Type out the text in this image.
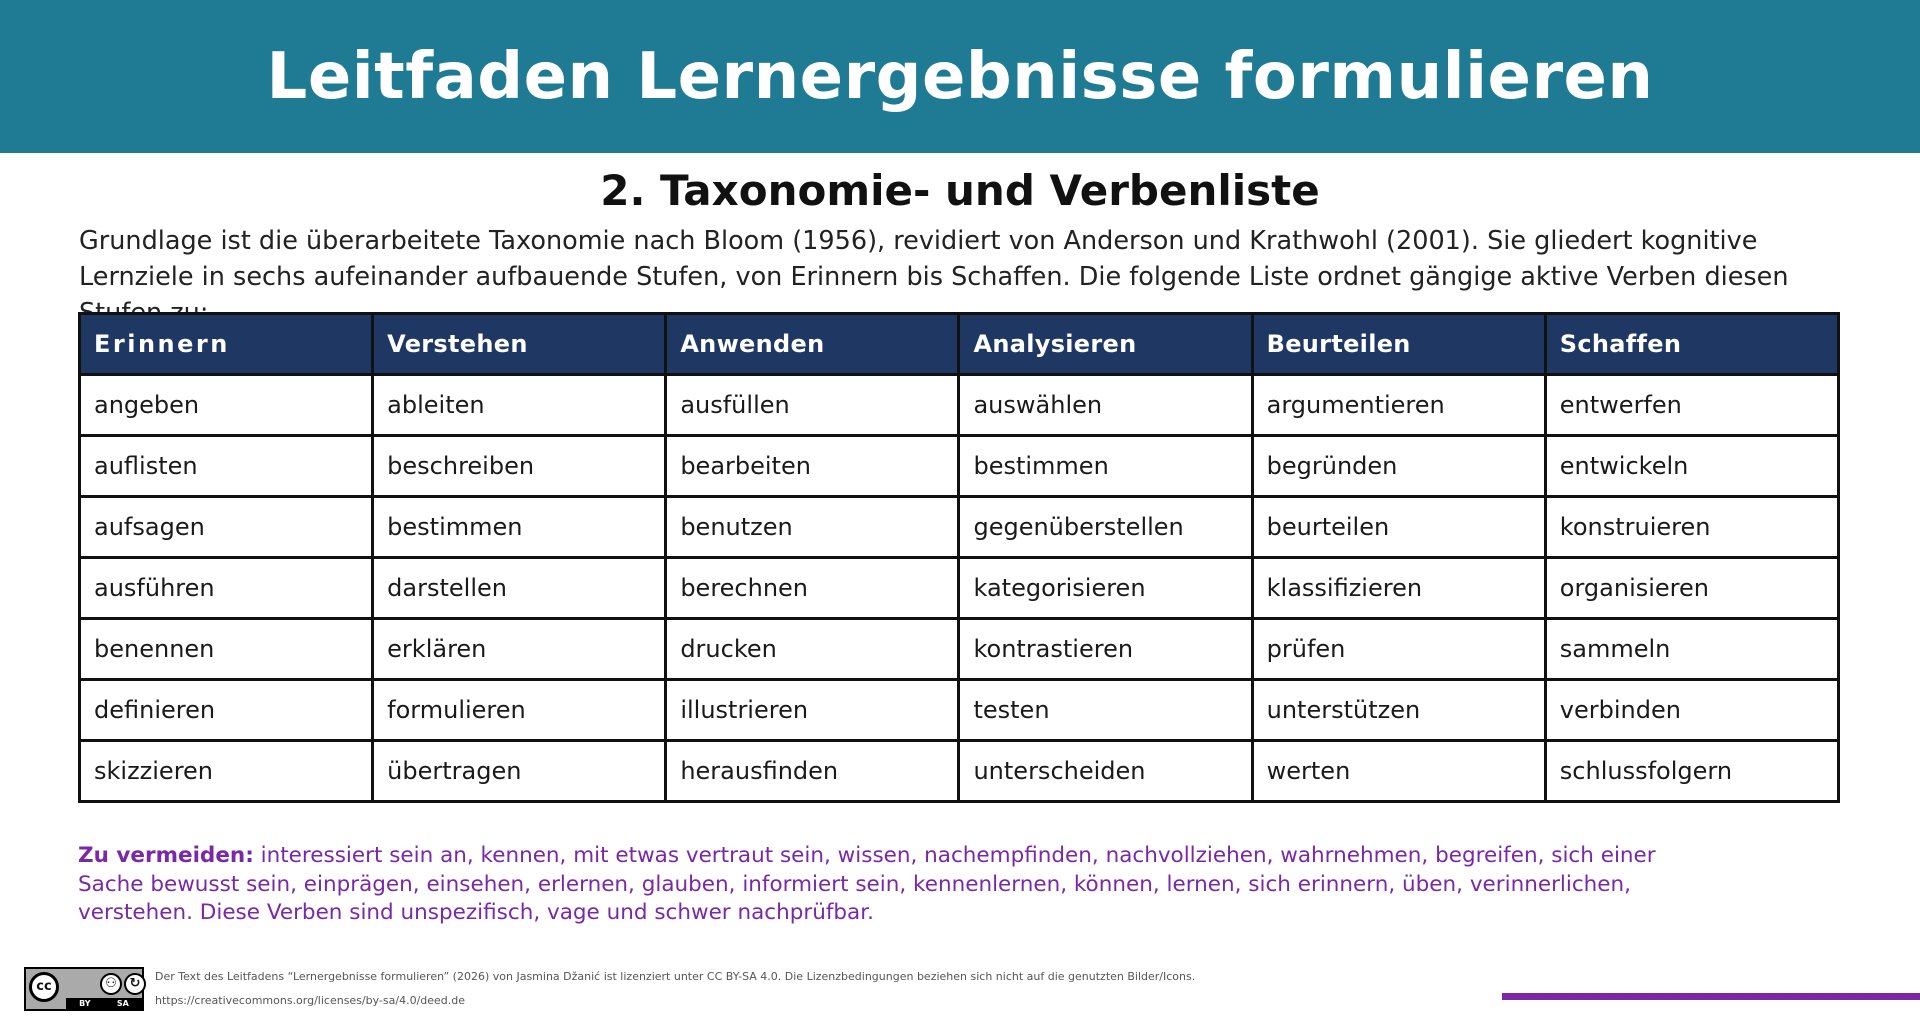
Leitfaden Lernergebnisse formulieren
2. Taxonomie- und Verbenliste

Grundlage ist die überarbeitete Taxonomie nach Bloom (1956), revidiert von Anderson und Krathwohl (2001). Sie gliedert kognitive Lernziele in sechs aufeinander aufbauende Stufen, von Erinnern bis Schaffen. Die folgende Liste ordnet gängige aktive Verben diesen

Erinnern	Verstehen	Anwenden	Analysieren	Beurteilen	Schaffen
angeben	ableiten	ausfüllen	auswählen	argumentieren	entwerfen
auflisten	beschreiben	bearbeiten	bestimmen	begründen	entwickeln
aufsagen	bestimmen	benutzen	gegenüberstellen	beurteilen	konstruieren
ausführen	darstellen	berechnen	kategorisieren	klassifizieren	organisieren
benennen	erklären	drucken	kontrastieren	prüfen	sammeln
definieren	formulieren	illustrieren	testen	unterstützen	verbinden
skizzieren	übertragen	herausfinden	unterscheiden	werten	schlussfolgern

Zu vermeiden: interessiert sein an, kennen, mit etwas vertraut sein, wissen, nachempfinden, nachvollziehen, wahrnehmen, begreifen, sich einer Sache bewusst sein, einprägen, einsehen, erlernen, glauben, informiert sein, kennenlernen, können, lernen, sich erinnern, üben, verinnerlichen, verstehen. Diese Verben sind unspezifisch, vage und schwer nachprüfbar.

cc	⚇ ↻
BY	SA

Der Text des Leitfadens “Lernergebnisse formulieren” (2026) von Jasmina Džanić ist lizenziert unter CC BY-SA 4.0. Die Lizenzbedingungen beziehen sich nicht auf die genutzten Bilder/Icons.

https://creativecommons.org/licenses/by-sa/4.0/deed.de
